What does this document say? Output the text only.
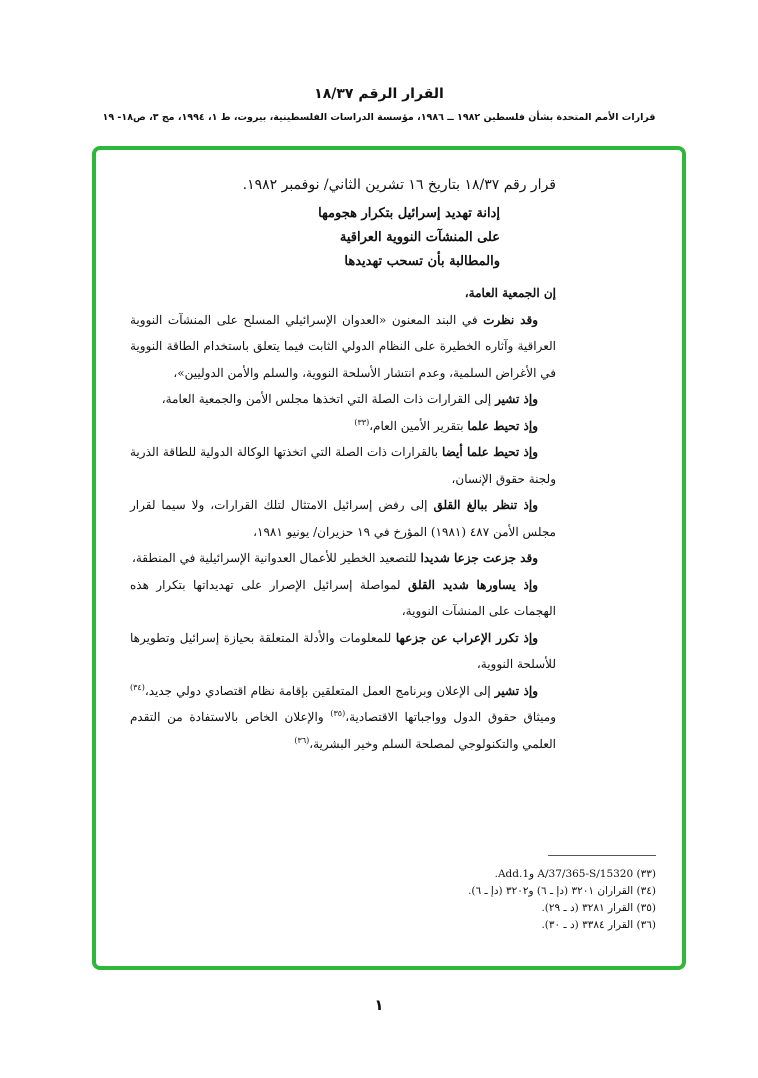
القرار الرقم ١٨/٣٧
قرارات الأمم المتحدة بشأن فلسطين ١٩٨٢ ــ ١٩٨٦، مؤسسة الدراسات الفلسطينية، بيروت، ط ١، ١٩٩٤، مج ٣، ص١٨- ١٩

قرار رقم ١٨/٣٧ بتاريخ ١٦ تشرين الثاني/ نوفمبر ١٩٨٢.

إدانة تهديد إسرائيل بتكرار هجومها
على المنشآت النووية العراقية
والمطالبة بأن تسحب تهديدها

إن الجمعية العامة،

وقد نظرت في البند المعنون «العدوان الإسرائيلي المسلح على المنشآت النووية العراقية وآثاره الخطيرة على النظام الدولي الثابت فيما يتعلق باستخدام الطاقة النووية في الأغراض السلمية، وعدم انتشار الأسلحة النووية، والسلم والأمن الدوليين»،

وإذ تشير إلى القرارات ذات الصلة التي اتخذها مجلس الأمن والجمعية العامة،

وإذ تحيط علما بتقرير الأمين العام،$^{(٣٣)}$

وإذ تحيط علما أيضا بالقرارات ذات الصلة التي اتخذتها الوكالة الدولية للطاقة الذرية ولجنة حقوق الإنسان،

وإذ تنظر ببالغ القلق إلى رفض إسرائيل الامتثال لتلك القرارات، ولا سيما لقرار مجلس الأمن ٤٨٧ (١٩٨١) المؤرخ في ١٩ حزيران/ يونيو ١٩٨١،

وقد جزعت جزعا شديدا للتصعيد الخطير للأعمال العدوانية الإسرائيلية في المنطقة،

وإذ يساورها شديد القلق لمواصلة إسرائيل الإصرار على تهديداتها بتكرار هذه الهجمات على المنشآت النووية،

وإذ تكرر الإعراب عن جزعها للمعلومات والأدلة المتعلقة بحيازة إسرائيل وتطويرها للأسلحة النووية،

وإذ تشير إلى الإعلان وبرنامج العمل المتعلقين بإقامة نظام اقتصادي دولي جديد،$^{(٣٤)}$ وميثاق حقوق الدول وواجباتها الاقتصادية،$^{(٣٥)}$ والإعلان الخاص بالاستفادة من التقدم العلمي والتكنولوجي لمصلحة السلم وخير البشرية،$^{(٣٦)}$

(٣٣) A/37/365-S/15320 وAdd.1.
(٣٤) القراران ٣٢٠١ (دإ ـ ٦) و٣٢٠٢ (دإ ـ ٦).
(٣٥) القرار ٣٢٨١ (د ـ ٢٩).
(٣٦) القرار ٣٣٨٤ (د ـ ٣٠).
١
